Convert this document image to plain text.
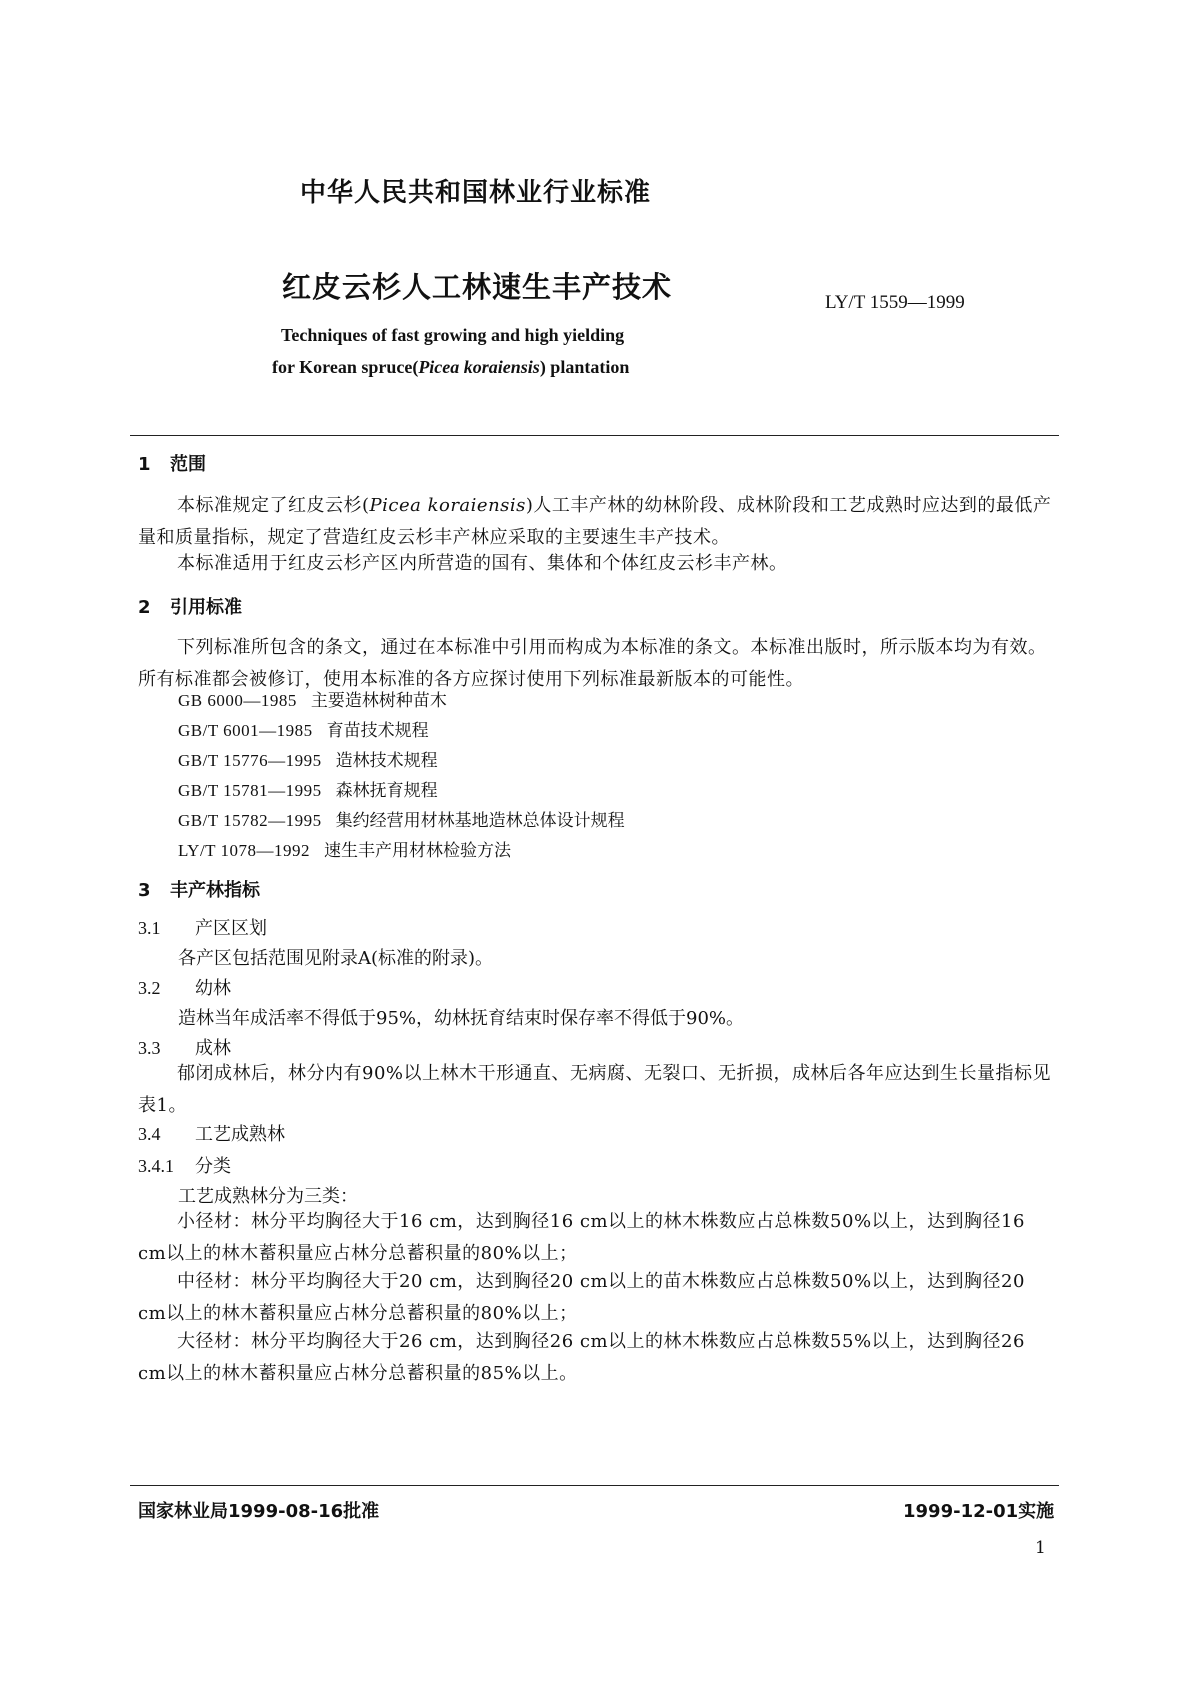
中华人民共和国林业行业标准
红皮云杉人工林速生丰产技术	LY/T 1559—1999
Techniques of fast growing and high yielding
for Korean spruce(Picea koraiensis) plantation
1 范围
本标准规定了红皮云杉(Picea koraiensis)人工丰产林的幼林阶段、成林阶段和工艺成熟时应达到的最低产量和质量指标，规定了营造红皮云杉丰产林应采取的主要速生丰产技术。
本标准适用于红皮云杉产区内所营造的国有、集体和个体红皮云杉丰产林。
2 引用标准
下列标准所包含的条文，通过在本标准中引用而构成为本标准的条文。本标准出版时，所示版本均为有效。所有标准都会被修订，使用本标准的各方应探讨使用下列标准最新版本的可能性。
GB 6000—1985 主要造林树种苗木
GB/T 6001—1985 育苗技术规程
GB/T 15776—1995 造林技术规程
GB/T 15781—1995 森林抚育规程
GB/T 15782—1995 集约经营用材林基地造林总体设计规程
LY/T 1078—1992 速生丰产用材林检验方法
3 丰产林指标
3.1 产区区划
各产区包括范围见附录A(标准的附录)。
3.2 幼林
造林当年成活率不得低于95%，幼林抚育结束时保存率不得低于90%。
3.3 成林
郁闭成林后，林分内有90%以上林木干形通直、无病腐、无裂口、无折损，成林后各年应达到生长量指标见表1。
3.4 工艺成熟林
3.4.1 分类
工艺成熟林分为三类：
小径材：林分平均胸径大于16 cm，达到胸径16 cm以上的林木株数应占总株数50%以上，达到胸径16 cm以上的林木蓄积量应占林分总蓄积量的80%以上；
中径材：林分平均胸径大于20 cm，达到胸径20 cm以上的苗木株数应占总株数50%以上，达到胸径20 cm以上的林木蓄积量应占林分总蓄积量的80%以上；
大径材：林分平均胸径大于26 cm，达到胸径26 cm以上的林木株数应占总株数55%以上，达到胸径26 cm以上的林木蓄积量应占林分总蓄积量的85%以上。
国家林业局1999-08-16批准	1999-12-01实施
1
